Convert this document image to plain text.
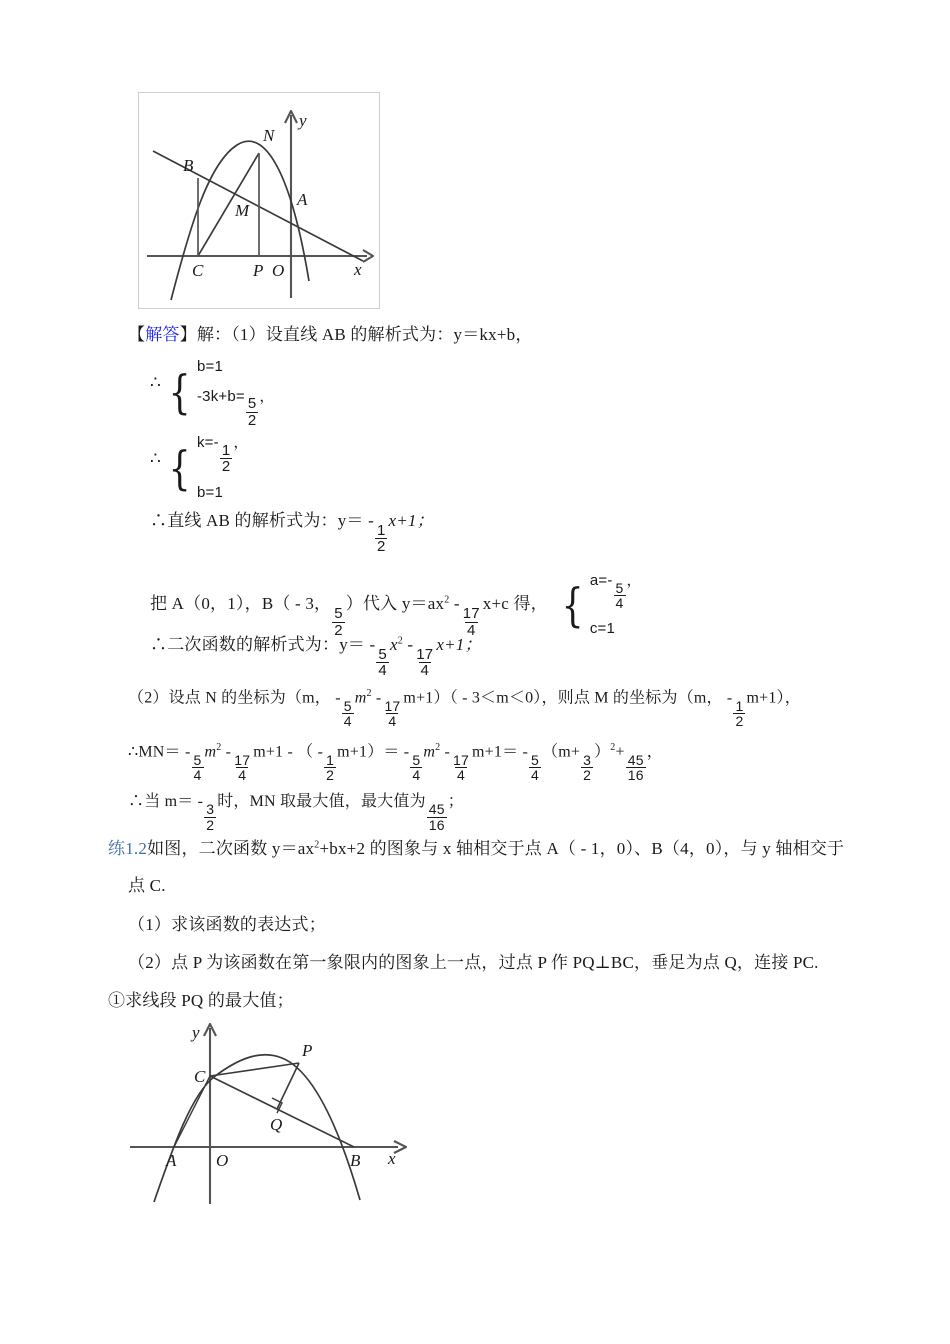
B
N
M
A
C	P O	x
y
【解答】解：（1）设直线 AB 的解析式为：y＝kx+b，
∴ { b=1
-3k+b=
$\frac{5}{2}$
，
∴ { k=-
$\frac{1}{2}$
，
b=1
∴直线 AB 的解析式为：y＝ -
$\frac{1}{2}$
x+1；
把 A（0，1），B（ - 3，
$\frac{5}{2}$
）代入 $y=ax^2$ -
$\frac{17}{4}$
x+c 得， { a=-
$\frac{5}{4}$
，
c=1
∴二次函数的解析式为：y＝ -
$\frac{5}{4}$
$x^2$ -
$\frac{17}{4}$
x+1；
（2）设点 N 的坐标为（m， -
$\frac{5}{4}$
$m^2$ -
$\frac{17}{4}$
m+1）（ - 3＜m＜0），则点 M 的坐标为（m， -
$\frac{1}{2}$
m+1），
∴MN＝ -
$\frac{5}{4}$
$m^2$ -
$\frac{17}{4}$
m+1 - （ -
$\frac{1}{2}$
m+1）＝ -
$\frac{5}{4}$
$m^2$ -
$\frac{17}{4}$
m+1＝ -
$\frac{5}{4}$
（m+
$\frac{3}{2}$
）$^2$+
$\frac{45}{16}$
，
∴当 m＝ -
$\frac{3}{2}$
时，MN 取最大值，最大值为
$\frac{45}{16}$
；
练1.2如图，二次函数 $y=ax^2+bx+2$ 的图象与 x 轴相交于点 A（ - 1，0）、B（4，0），与 y 轴相交于
点 C.
（1）求该函数的表达式；
（2）点 P 为该函数在第一象限内的图象上一点，过点 P 作 PQ⊥BC，垂足为点 Q，连接 PC.
①求线段 PQ 的最大值；
C
P
Q
A O	B x
y
